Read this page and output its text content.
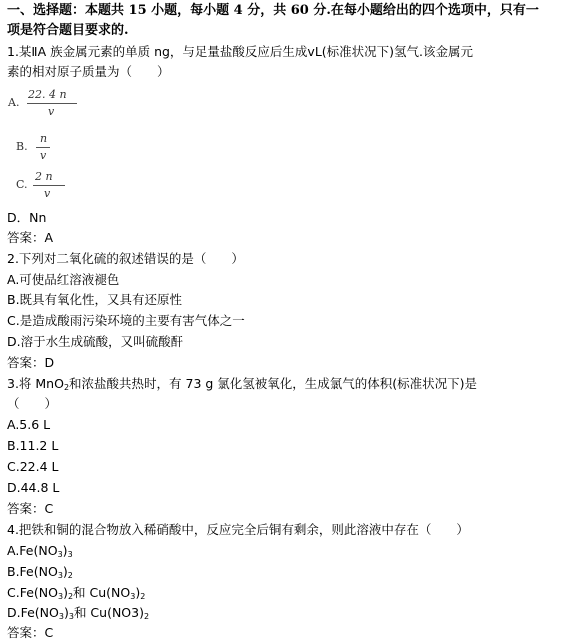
一、选择题：本题共 15 小题，每小题 4 分，共 60 分.在每小题给出的四个选项中，只有一
项是符合题目要求的.
1.某ⅡA 族金属元素的单质 ng，与足量盐酸反应后生成vL(标准状况下)氢气.该金属元
素的相对原子质量为（　　）
A.
22. 4 n
v
B.
n
v
C.
2 n
v
D．Nn
答案：A
2.下列对二氧化硫的叙述错误的是（　　）
A.可使品红溶液褪色
B.既具有氧化性，又具有还原性
C.是造成酸雨污染环境的主要有害气体之一
D.溶于水生成硫酸，又叫硫酸酐
答案：D
3.将 MnO$_2$和浓盐酸共热时，有 73 g 氯化氢被氧化，生成氯气的体积(标准状况下)是
（　　）
A.5.6 L
B.11.2 L
C.22.4 L
D.44.8 L
答案：C
4.把铁和铜的混合物放入稀硝酸中，反应完全后铜有剩余，则此溶液中存在（　　）
$A.Fe(NO_3)_3$
$B.Fe(NO_3)_2$
$C.Fe(NO_3)_2$和 $Cu(NO_3)_2$
$D.Fe(NO_3)_3$和 $Cu(NO3)_2$
答案：C
